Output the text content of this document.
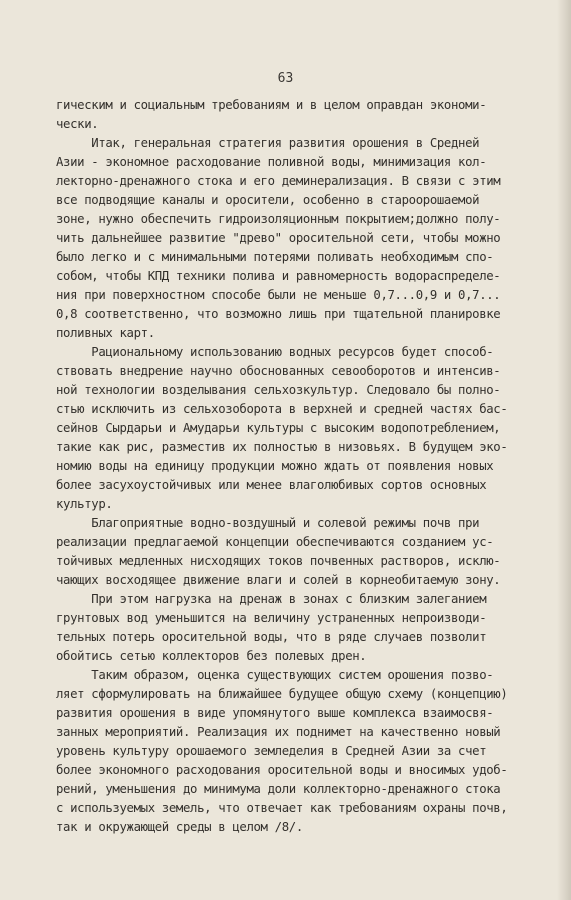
63
гическим и социальным требованиям и в целом оправдан экономи-
чески.
Итак, генеральная стратегия развития орошения в Средней
Азии - экономное расходование поливной воды, минимизация кол-
лекторно-дренажного стока и его деминерализация. В связи с этим
все подводящие каналы и оросители, особенно в староорошаемой
зоне, нужно обеспечить гидроизоляционным покрытием;должно полу-
чить дальнейшее развитие "древо" оросительной сети, чтобы можно
было легко и с минимальными потерями поливать необходимым спо-
собом, чтобы КПД техники полива и равномерность водораспределе-
ния при поверхностном способе были не меньше 0,7...0,9 и 0,7...
0,8 соответственно, что возможно лишь при тщательной планировке
поливных карт.
Рациональному использованию водных ресурсов будет способ-
ствовать внедрение научно обоснованных севооборотов и интенсив-
ной технологии возделывания сельхозкультур. Следовало бы полно-
стью исключить из сельхозоборота в верхней и средней частях бас-
сейнов Сырдарьи и Амударьи культуры с высоким водопотреблением,
такие как рис, разместив их полностью в низовьях. В будущем эко-
номию воды на единицу продукции можно ждать от появления новых
более засухоустойчивых или менее влаголюбивых сортов основных
культур.
Благоприятные водно-воздушный и солевой режимы почв при
реализации предлагаемой концепции обеспечиваются созданием ус-
тойчивых медленных нисходящих токов почвенных растворов, исклю-
чающих восходящее движение влаги и солей в корнеобитаемую зону.
При этом нагрузка на дренаж в зонах с близким залеганием
грунтовых вод уменьшится на величину устраненных непроизводи-
тельных потерь оросительной воды, что в ряде случаев позволит
обойтись сетью коллекторов без полевых дрен.
Таким образом, оценка существующих систем орошения позво-
ляет сформулировать на ближайшее будущее общую схему (концепцию)
развития орошения в виде упомянутого выше комплекса взаимосвя-
занных мероприятий. Реализация их поднимет на качественно новый
уровень культуру орошаемого земледелия в Средней Азии за счет
более экономного расходования оросительной воды и вносимых удоб-
рений, уменьшения до минимума доли коллекторно-дренажного стока
с используемых земель, что отвечает как требованиям охраны почв,
так и окружающей среды в целом /8/.
